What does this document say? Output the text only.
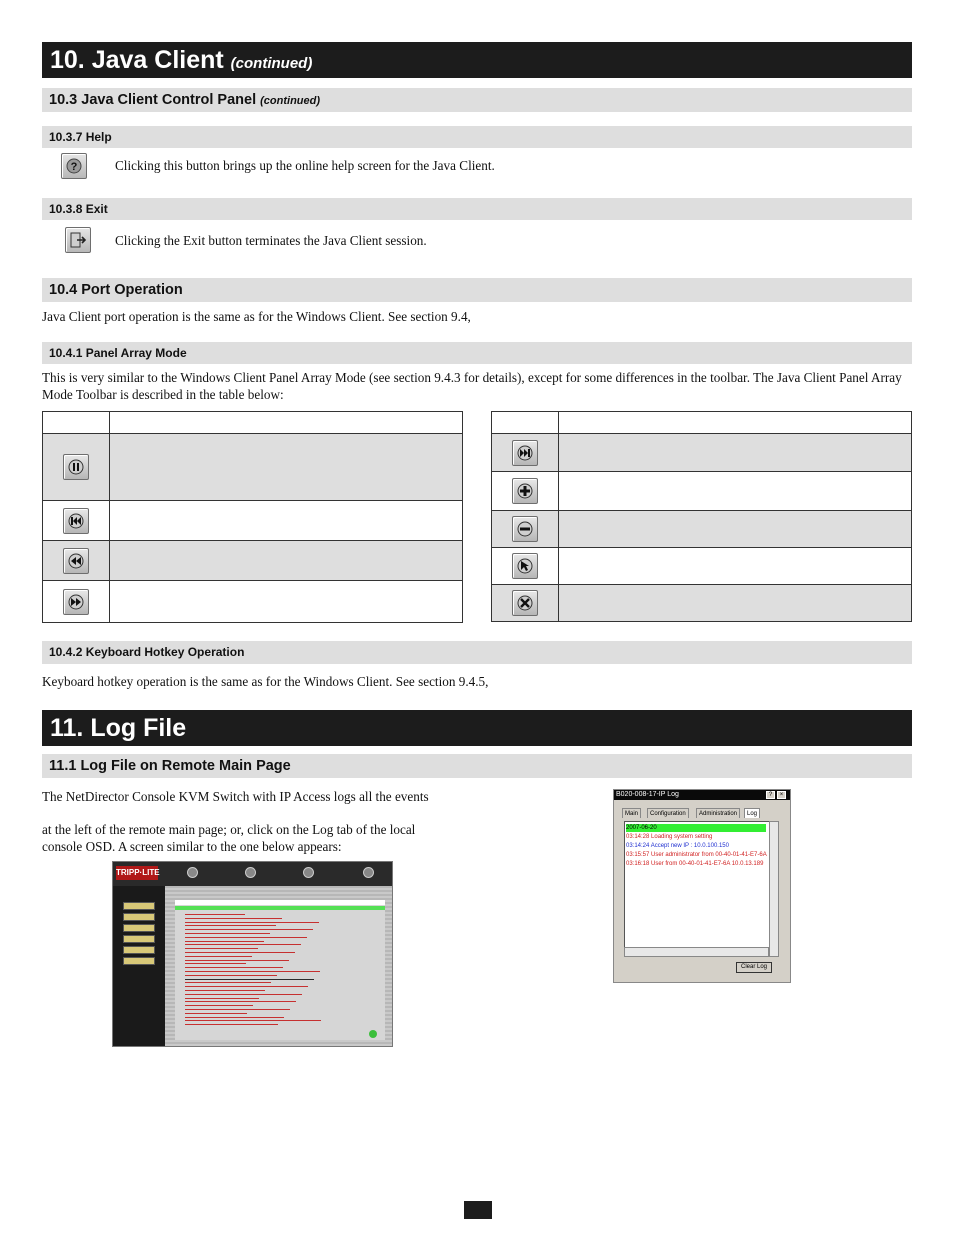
10. Java Client (continued)
10.3 Java Client Control Panel (continued)
10.3.7 Help
?	Clicking this button brings up the online help screen for the Java Client.
10.3.8 Exit
Clicking the Exit button terminates the Java Client session.
10.4 Port Operation
Java Client port operation is the same as for the Windows Client. See section 9.4,
10.4.1 Panel Array Mode
This is very similar to the Windows Client Panel Array Mode (see section 9.4.3 for details), except for some differences in the toolbar. The Java Client Panel Array Mode Toolbar is described in the table below:

10.4.2 Keyboard Hotkey Operation
Keyboard hotkey operation is the same as for the Windows Client. See section 9.4.5,
11. Log File
11.1 Log File on Remote Main Page
The NetDirector Console KVM Switch with IP Access logs all the events
at the left of the remote main page; or, click on the Log tab of the local
console OSD. A screen similar to the one below appears:
TRIPP·LITE
B020-008-17-IP Log	?	×
Main	Configuration	Administration	Log
2007-06-20
03:14:28 Loading system setting
03:14:24 Accept new IP : 10.0.100.150
03:15:57 User administrator from 00-40-01-41-E7-6A
03:16:18 User from 00-40-01-41-E7-6A 10.0.13.189
Clear Log
